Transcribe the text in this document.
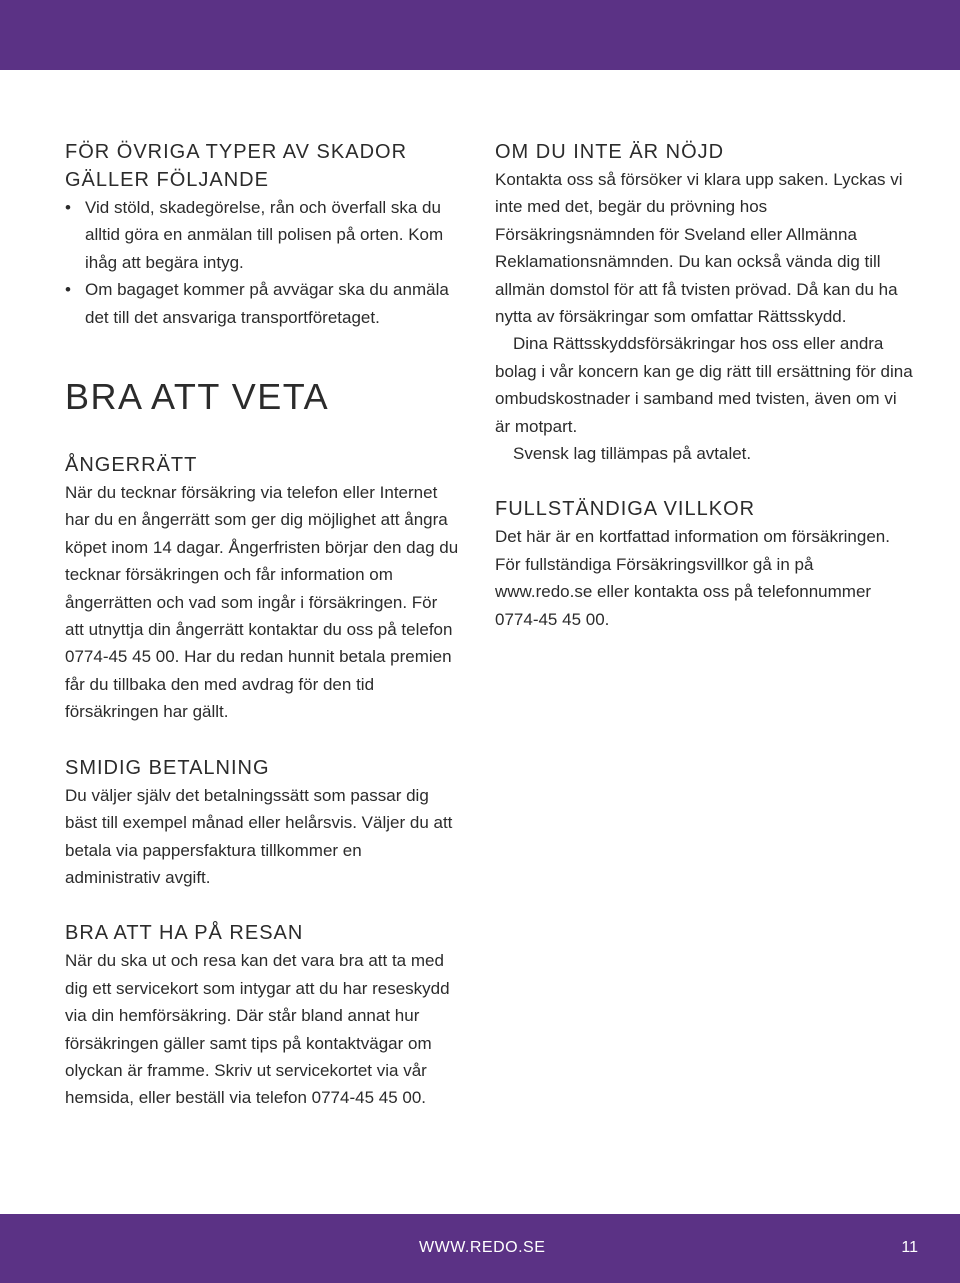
FÖR ÖVRIGA TYPER AV SKADOR
GÄLLER FÖLJANDE
• Vid stöld, skadegörelse, rån och överfall ska du alltid göra en anmälan till polisen på orten. Kom ihåg att begära intyg.
• Om bagaget kommer på avvägar ska du anmäla det till det ansvariga transportföretaget.
BRA ATT VETA
ÅNGERRÄTT

När du tecknar försäkring via telefon eller Internet har du en ångerrätt som ger dig möjlighet att ångra köpet inom 14 dagar. Ångerfristen börjar den dag du tecknar försäkringen och får information om ångerrätten och vad som ingår i försäkringen. För att utnyttja din ångerrätt kontaktar du oss på telefon 0774-45 45 00. Har du redan hunnit betala premien får du tillbaka den med avdrag för den tid försäkringen har gällt.

SMIDIG BETALNING

Du väljer själv det betalningssätt som passar dig bäst till exempel månad eller helårsvis. Väljer du att betala via pappersfaktura tillkommer en administrativ avgift.

BRA ATT HA PÅ RESAN

När du ska ut och resa kan det vara bra att ta med dig ett servicekort som intygar att du har reseskydd via din hemförsäkring. Där står bland annat hur försäkringen gäller samt tips på kontaktvägar om olyckan är framme. Skriv ut servicekortet via vår hemsida, eller beställ via telefon 0774-45 45 00.

OM DU INTE ÄR NÖJD

Kontakta oss så försöker vi klara upp saken. Lyckas vi inte med det, begär du prövning hos Försäkringsnämnden för Sveland eller Allmänna Reklamationsnämnden. Du kan också vända dig till allmän domstol för att få tvisten prövad. Då kan du ha nytta av försäkringar som omfattar Rättsskydd.

Dina Rättsskyddsförsäkringar hos oss eller andra bolag i vår koncern kan ge dig rätt till ersättning för dina ombudskostnader i samband med tvisten, även om vi är motpart.

Svensk lag tillämpas på avtalet.

FULLSTÄNDIGA VILLKOR

Det här är en kortfattad information om försäkringen. För fullständiga Försäkringsvillkor gå in på www.redo.se eller kontakta oss på telefonnummer 0774-45 45 00.

WWW.REDO.SE	11
